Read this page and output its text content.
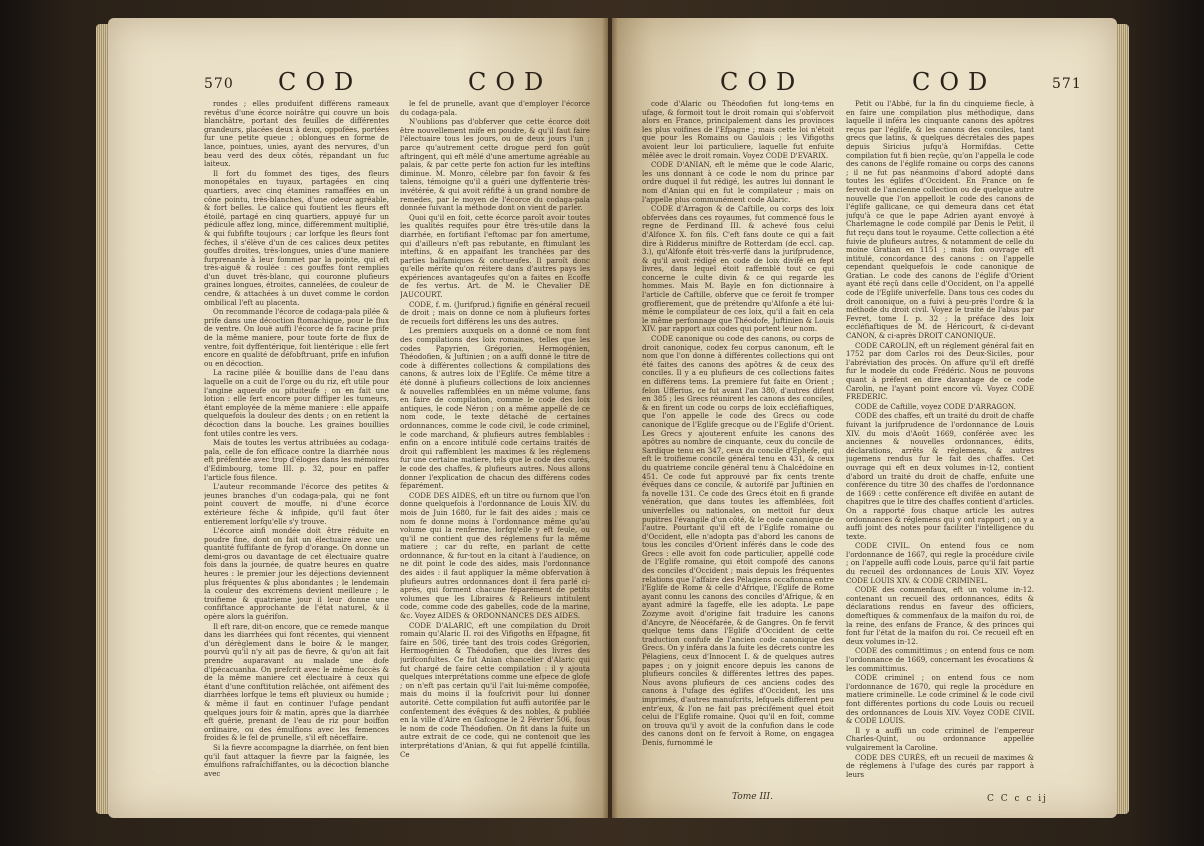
570 COD	COD

rondes ; elles produifent différens rameaux revêtus d'une écorce noirâtre qui couvre un bois blanchâtre, portant des feuilles de différentes grandeurs, placées deux à deux, oppofées, portées fur une petite queue ; oblongues en forme de lance, pointues, unies, ayant des nervures, d'un beau verd des deux côtés, répandant un fuc laiteux.

Il fort du fommet des tiges, des fleurs monopétales en tuyaux, partagées en cinq quartiers, avec cinq étamines ramaffées en un cône pointu, très-blanches, d'une odeur agréable, & fort belles. Le calice qui foutient les fleurs eft étoilé, partagé en cinq quartiers, appuyé fur un pédicule affez long, mince, différemment multiplié, & qui fubfifte toujours ; car lorfque les fleurs font féches, il s'élève d'un de ces calices deux petites gouffes droites, très-longues, unies d'une maniere furprenante à leur fommet par la pointe, qui eft très-aiguë & roulée : ces gouffes font remplies d'un duvet très-blanc, qui couronne plufieurs graines longues, étroites, cannelées, de couleur de cendre, & attachées à un duvet comme le cordon ombilical l'eft au placenta.

On recommande l'écorce de codaga-pala pilée & prife dans une décoction ftomachique, pour le flux de ventre. On louë auffi l'écorce de fa racine prife de la même maniere, pour toute forte de flux de ventre, foit dyffentérique, foit lientérique : elle fert encore en qualité de défobftruant, prife en infufion ou en décoction.

La racine pilée & bouillie dans de l'eau dans laquelle on a cuit de l'orge ou du riz, eft utile pour l'angine aqueufe ou pituiteufe ; on en fait une lotion : elle fert encore pour diffiper les tumeurs, étant employée de la même maniere : elle appaife quelquefois la douleur des dents ; on en retient la décoction dans la bouche. Les graines bouillies font utiles contre les vers.

Mais de toutes les vertus attribuées au codaga-pala, celle de fon efficace contre la diarrhée nous eft préfentée avec trop d'éloges dans les mémoires d'Edimbourg, tome III. p. 32, pour en paffer l'article fous filence.

L'auteur recommande l'écorce des petites & jeunes branches d'un codaga-pala, qui ne font point couvert de mouffe, ni d'une écorce extérieure féche & infipide, qu'il faut ôter entierement lorfqu'elle s'y trouve.

L'écorce ainfi mondée doit être réduite en poudre fine, dont on fait un électuaire avec une quantité fuffifante de fyrop d'orange. On donne un demi-gros ou davantage de cet électuaire quatre fois dans la journée, de quatre heures en quatre heures : le premier jour les déjections deviennent plus fréquentes & plus abondantes ; le lendemain la couleur des excrémens devient meilleure ; le troifieme & quatrieme jour il leur donne une confiftance approchante de l'état naturel, & il opère alors la guérifon.

Il eft rare, dit-on encore, que ce remede manque dans les diarrhées qui font récentes, qui viennent d'un dérèglement dans le boire & le manger, pourvû qu'il n'y ait pas de fievre, & qu'on ait fait prendre auparavant au malade une dofe d'ipécacuanha. On prefcrit avec le même fuccès & de la même maniere cet électuaire à ceux qui étant d'une conftitution relâchée, ont aifément des diarrhées lorfque le tems eft pluvieux ou humide ; & même il faut en continuer l'ufage pendant quelques jours foir & matin, après que la diarrhée eft guérie, prenant de l'eau de riz pour boiffon ordinaire, ou des émulfions avec les femences froides & le fel de prunelle, s'il eft néceffaire.

Si la fievre accompagne la diarrhée, on fent bien qu'il faut attaquer la fievre par la faignée, les émulfions rafraîchiffantes, ou la décoction blanche avec

le fel de prunelle, avant que d'employer l'écorce du codaga-pala.

N'oublions pas d'obferver que cette écorce doit être nouvellement mife en poudre, & qu'il faut faire l'électuaire tous les jours, ou de deux jours l'un ; parce qu'autrement cette drogue perd fon goût aftringent, qui eft mêlé d'une amertume agréable au palais, & par cette perte fon action fur les inteftins diminue. M. Monro, célebre par fon favoir & fes talens, témoigne qu'il a guéri une dyffenterie très-invétérée, & qui avoit réfifté à un grand nombre de remedes, par le moyen de l'écorce du codaga-pala donnée fuivant la méthode dont on vient de parler.

Quoi qu'il en foit, cette écorce paroît avoir toutes les qualités requifes pour être très-utile dans la diarrhée, en fortifiant l'eftomac par fon amertume, qui d'ailleurs n'eft pas rebutante, en ftimulant les inteftins, & en appaifant les tranchées par des parties balfamiques & onctueufes. Il paroît donc qu'elle mérite qu'on réitere dans d'autres pays les expériences avantageufes qu'on a faites en Ecoffe de fes vertus. Art. de M. le Chevalier DE JAUCOURT.

CODE, f. m. (Jurifprud.) fignifie en général recueil de droit ; mais on donne ce nom à plufieurs fortes de recueils fort différens les uns des autres.

Les premiers auxquels on a donné ce nom font des compilations des loix romaines, telles que les codes Papyrien, Grégorien, Hermogénien, Théodofien, & Juftinien ; on a auffi donné le titre de code à différentes collections & compilations des canons, & autres loix de l'Eglife. Ce même titre a été donné à plufieurs collections de loix anciennes & nouvelles raffemblées en un même volume, fans en faire de compilation, comme le code des loix antiques, le code Néron ; on a même appellé de ce nom code, le texte détaché de certaines ordonnances, comme le code civil, le code criminel, le code marchand, & plufieurs autres femblables : enfin on a encore intitulé code certains traités de droit qui raffemblent les maximes & les réglemens fur une certaine matiere, tels que le code des curés, le code des chaffes, & plufieurs autres. Nous allons donner l'explication de chacun des différens codes féparément.

CODE DES AIDES, eft un titre ou furnom que l'on donne quelquefois à l'ordonnance de Louis XIV. du mois de Juin 1680, fur le fait des aides ; mais ce nom fe donne moins à l'ordonnance même qu'au volume qui la renferme, lorfqu'elle y eft feule, ou qu'il ne contient que des réglemens fur la même matiere ; car du refte, en parlant de cette ordonnance, & fur-tout en la citant à l'audience, on ne dit point le code des aides, mais l'ordonnance des aides : il faut appliquer la même obfervation à plufieurs autres ordonnances dont il fera parlé ci-après, qui forment chacune féparément de petits volumes que les Libraires & Relieurs intitulent code, comme code des gabelles, code de la marine, &c. Voyez AIDES & ORDONNANCES DES AIDES.

CODE D'ALARIC, eft une compilation du Droit romain qu'Alaric II. roi des Vifigoths en Efpagne, fit faire en 506, tirée tant des trois codes Grégorien, Hermogénien & Théodofien, que des livres des jurifconfultes. Ce fut Anian chancelier d'Alaric qui fut chargé de faire cette compilation : il y ajouta quelques interprétations comme une efpece de glofe ; on n'eft pas certain qu'il l'ait lui-même compofée, mais du moins il la foufcrivit pour lui donner autorité. Cette compilation fut auffi autorifée par le confentement des évêques & des nobles, & publiée en la ville d'Aire en Gafcogne le 2 Février 506, fous le nom de code Théodofien. On fit dans la fuite un autre extrait de ce code, qui ne contenoit que les interprétations d'Anian, & qui fut appellé fcintilla. Ce

COD	COD	571

code d'Alaric ou Théodofien fut long-tems en ufage, & formoit tout le droit romain qui s'obfervoit alors en France, principalement dans les provinces les plus voifines de l'Efpagne ; mais cette loi n'étoit que pour les Romains ou Gaulois ; les Vifigoths avoient leur loi particuliere, laquelle fut enfuite mêlée avec le droit romain. Voyez CODE D'EVARIX.

CODE D'ANIAN, eft le même que le code Alaric, les uns donnant à ce code le nom du prince par ordre duquel il fut rédigé, les autres lui donnant le nom d'Anian qui en fut le compilateur ; mais on l'appelle plus communément code Alaric.

CODE d'Arragon & de Caftille, ou corps des loix obfervées dans ces royaumes, fut commencé fous le regne de Ferdinand III. & achevé fous celui d'Alfonce X. fon fils. C'eft fans doute ce qui a fait dire à Ridderus miniftre de Rotterdam (de eccl. cap. 3.), qu'Alfonfe étoit très-verfé dans la jurifprudence, & qu'il avoit rédigé en code de loix divifé en fept livres, dans lequel étoit raffemblé tout ce qui concerne le culte divin & ce qui regarde les hommes. Mais M. Bayle en fon dictionnaire à l'article de Caftille, obferve que ce feroit fe tromper groffierement, que de prétendre qu'Alfonfe a été lui-même le compilateur de ces loix, qu'il a fait en cela le même perfonnage que Théodofe, Juftinien & Louis XIV. par rapport aux codes qui portent leur nom.

CODE canonique ou code des canons, ou corps de droit canonique, codex feu corpus canonum, eft le nom que l'on donne à différentes collections qui ont été faites des canons des apôtres & de ceux des conciles. Il y a eu plufieurs de ces collections faites en différens tems. La premiere fut faite en Orient ; felon Ufferius, ce fut avant l'an 380, d'autres difent en 385 ; les Grecs réunirent les canons des conciles, & en firent un code ou corps de loix eccléfiaftiques, que l'on appelle le code des Grecs ou code canonique de l'Eglife grecque ou de l'Eglife d'Orient. Les Grecs y ajouterent enfuite les canons des apôtres au nombre de cinquante, ceux du concile de Sardique tenu en 347, ceux du concile d'Ephefe, qui eft le troifieme concile général tenu en 431, & ceux du quatrieme concile général tenu à Chalcédoine en 451. Ce code fut approuvé par fix cents trente évêques dans ce concile, & autorifé par Juftinien en fa novelle 131. Ce code des Grecs étoit en fi grande vénération, que dans toutes les affemblées, foit univerfelles ou nationales, on mettoit fur deux pupitres l'évangile d'un côté, & le code canonique de l'autre. Pourtant qu'il eft de l'Eglife romaine ou d'Occident, elle n'adopta pas d'abord les canons de tous les conciles d'Orient inférés dans le code des Grecs : elle avoit fon code particulier, appellé code de l'Eglife romaine, qui étoit compofé des canons des conciles d'Occident ; mais depuis les fréquentes relations que l'affaire des Pélagiens occafionna entre l'Eglife de Rome & celle d'Afrique, l'Eglife de Rome ayant connu les canons des conciles d'Afrique, & en ayant admiré la fageffe, elle les adopta. Le pape Zozyme avoit d'origine fait traduire les canons d'Ancyre, de Néocéfarée, & de Gangres. On fe fervit quelque tems dans l'Eglife d'Occident de cette traduction confufe de l'ancien code canonique des Grecs. On y inféra dans la fuite les décrets contre les Pélagiens, ceux d'Innocent I. & de quelques autres papes ; on y joignit encore depuis les canons de plufieurs conciles & différentes lettres des papes. Nous avons plufieurs de ces anciens codes des canons à l'ufage des églifes d'Occident, les uns imprimés, d'autres manufcrits, lefquels different peu entr'eux, & l'on ne fait pas précifément quel étoit celui de l'Eglife romaine. Quoi qu'il en foit, comme on trouva qu'il y avoit de la confufion dans le code des canons dont on fe fervoit à Rome, on engagea Denis, furnommé le

Petit ou l'Abbé, fur la fin du cinquieme fiecle, à en faire une compilation plus méthodique, dans laquelle il inféra les cinquante canons des apôtres reçus par l'églife, & les canons des conciles, tant grecs que latins, & quelques décrétales des papes depuis Siricius jufqu'à Hormifdas. Cette compilation fut fi bien reçûe, qu'on l'appella le code des canons de l'églife romaine ou corps des canons ; il ne fut pas néanmoins d'abord adopté dans toutes les églifes d'Occident. En France on fe fervoit de l'ancienne collection ou de quelque autre nouvelle que l'on appelloit le code des canons de l'églife gallicane, ce qui demeura dans cet état jufqu'à ce que le pape Adrien ayant envoyé à Charlemagne le code compilé par Denis le Petit, il fut reçu dans tout le royaume. Cette collection a été fuivie de plufieurs autres, & notamment de celle du moine Gratian en 1151 ; mais fon ouvrage eft intitulé, concordance des canons : on l'appelle cependant quelquefois le code canonique de Gratian. Le code des canons de l'églife d'Orient ayant été reçû dans celle d'Occident, on l'a appellé code de l'Eglife univerfelle. Dans tous ces codes du droit canonique, on a fuivi à peu-près l'ordre & la méthode du droit civil. Voyez le traité de l'abus par Fevret, tome I. p. 32 ; la préface des loix eccléfiaftiques de M. de Héricourt, & ci-devant CANON, & ci-après DROIT CANONIQUE.

CODE CAROLIN, eft un réglement général fait en 1752 par dom Carlos roi des Deux-Siciles, pour l'abréviation des procès. On affure qu'il eft dreffé fur le modele du code Frédéric. Nous ne pouvons quant à préfent en dire davantage de ce code Carolin, ne l'ayant point encore vû. Voyez CODE FREDERIC.

CODE de Caftille, voyez CODE D'ARRAGON.

CODE des chaffes, eft un traité du droit de chaffe fuivant la jurifprudence de l'ordonnance de Louis XIV. du mois d'Août 1669, conférée avec les anciennes & nouvelles ordonnances, édits, déclarations, arrêts & réglemens, & autres jugemens rendus fur le fait des chaffes. Cet ouvrage qui eft en deux volumes in-12, contient d'abord un traité du droit de chaffe, enfuite une conférence du titre 30 des chaffes de l'ordonnance de 1669 : cette conférence eft divifée en autant de chapitres que le titre des chaffes contient d'articles. On a rapporté fous chaque article les autres ordonnances & réglemens qui y ont rapport ; on y a auffi joint des notes pour faciliter l'intelligence du texte.

CODE CIVIL. On entend fous ce nom l'ordonnance de 1667, qui regle la procédure civile ; on l'appelle auffi code Louis, parce qu'il fait partie du recueil des ordonnances de Louis XIV. Voyez CODE LOUIS XIV. & CODE CRIMINEL.

CODE des commenfaux, eft un volume in-12. contenant un recueil des ordonnances, édits & déclarations rendus en faveur des officiers, domeftiques & commenfaux de la maifon du roi, de la reine, des enfans de France, & des princes qui font fur l'état de la maifon du roi. Ce recueil eft en deux volumes in-12.

CODE des committimus ; on entend fous ce nom l'ordonnance de 1669, concernant les évocations & les committimus.

CODE criminel ; on entend fous ce nom l'ordonnance de 1670, qui regle la procédure en matiere criminelle. Le code criminel & le code civil font différentes portions du code Louis ou recueil des ordonnances de Louis XIV. Voyez CODE CIVIL & CODE LOUIS.

Il y a auffi un code criminel de l'empereur Charles-Quint, ou ordonnance appellée vulgairement la Caroline.

CODE DES CURÉS, eft un recueil de maximes & de réglemens à l'ufage des curés par rapport à leurs

Tome III.	C C c c ij
